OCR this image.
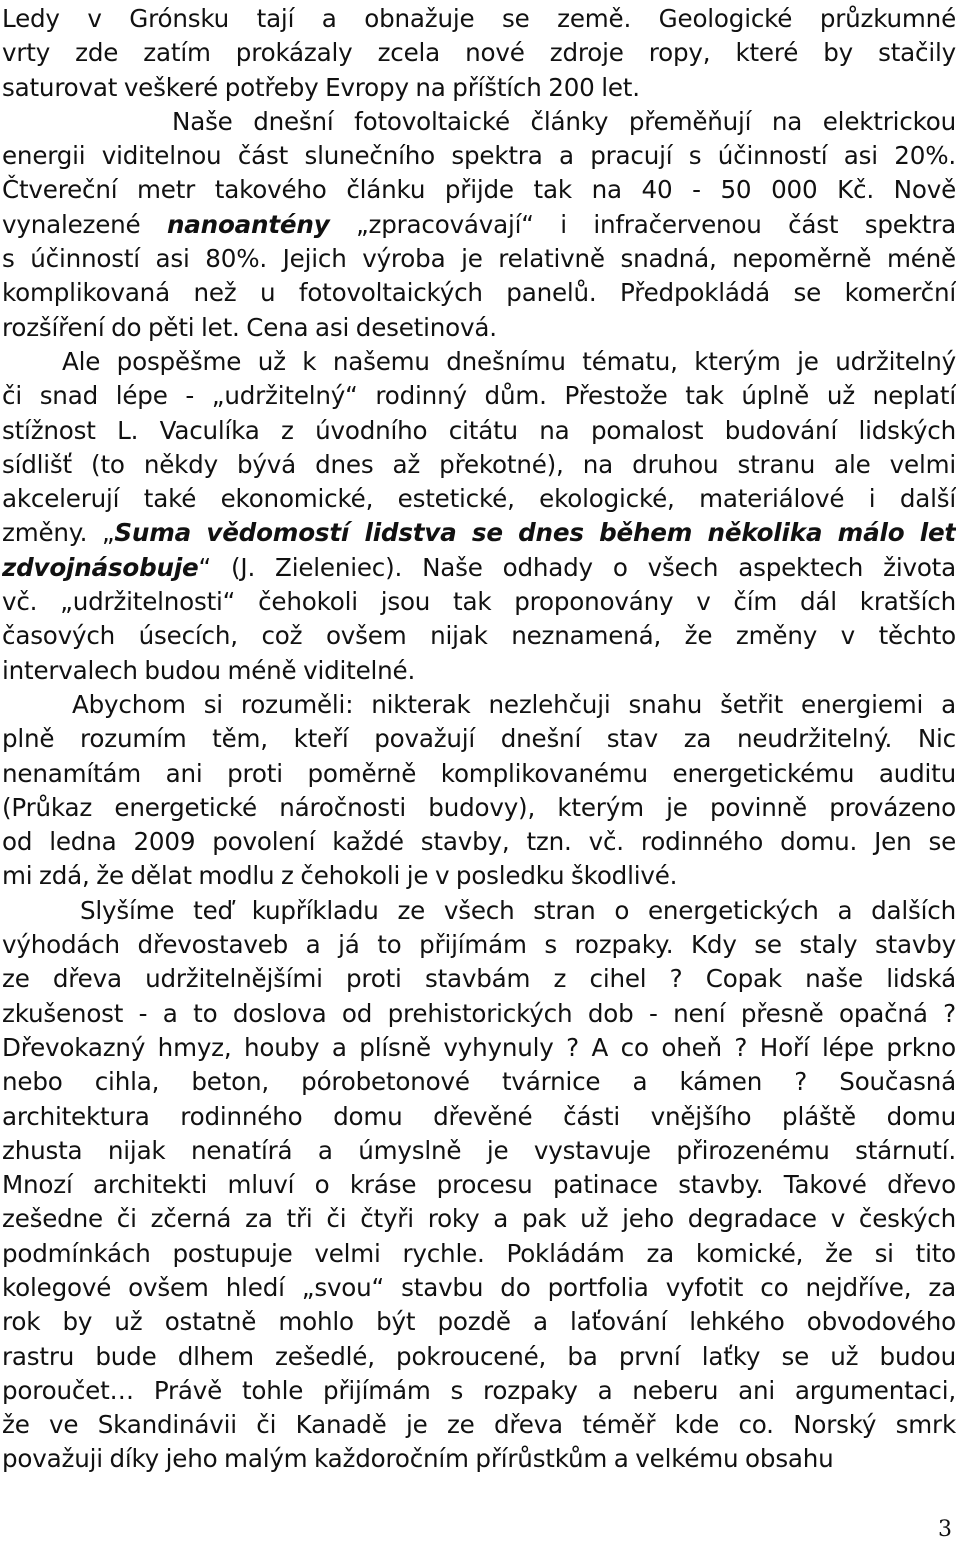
Ledy v Grónsku tají a obnažuje se země. Geologické průzkumné
vrty zde zatím prokázaly zcela nové zdroje ropy, které by stačily
saturovat veškeré potřeby Evropy na příštích 200 let.
Naše dnešní fotovoltaické články přeměňují na elektrickou
energii viditelnou část slunečního spektra a pracují s účinností asi 20%.
Čtvereční metr takového článku přijde tak na 40 - 50 000 Kč. Nově
vynalezené nanoantény „zpracovávají“ i infračervenou část spektra
s účinností asi 80%. Jejich výroba je relativně snadná, nepoměrně méně
komplikovaná než u fotovoltaických panelů. Předpokládá se komerční
rozšíření do pěti let. Cena asi desetinová.
Ale pospěšme už k našemu dnešnímu tématu, kterým je udržitelný
či snad lépe - „udržitelný“ rodinný dům. Přestože tak úplně už neplatí
stížnost L. Vaculíka z úvodního citátu na pomalost budování lidských
sídlišť (to někdy bývá dnes až překotné), na druhou stranu ale velmi
akcelerují také ekonomické, estetické, ekologické, materiálové i další
změny. „Suma vědomostí lidstva se dnes během několika málo let
zdvojnásobuje“ (J. Zieleniec). Naše odhady o všech aspektech života
vč. „udržitelnosti“ čehokoli jsou tak proponovány v čím dál kratších
časových úsecích, což ovšem nijak neznamená, že změny v těchto
intervalech budou méně viditelné.
Abychom si rozuměli: nikterak nezlehčuji snahu šetřit energiemi a
plně rozumím těm, kteří považují dnešní stav za neudržitelný. Nic
nenamítám ani proti poměrně komplikovanému energetickému auditu
(Průkaz energetické náročnosti budovy), kterým je povinně provázeno
od ledna 2009 povolení každé stavby, tzn. vč. rodinného domu. Jen se
mi zdá, že dělat modlu z čehokoli je v posledku škodlivé.
Slyšíme teď kupříkladu ze všech stran o energetických a dalších
výhodách dřevostaveb a já to přijímám s rozpaky. Kdy se staly stavby
ze dřeva udržitelnějšími proti stavbám z cihel ? Copak naše lidská
zkušenost - a to doslova od prehistorických dob - není přesně opačná ?
Dřevokazný hmyz, houby a plísně vyhynuly ? A co oheň ? Hoří lépe prkno
nebo cihla, beton, pórobetonové tvárnice a kámen ? Současná
architektura rodinného domu dřevěné části vnějšího pláště domu
zhusta nijak nenatírá a úmyslně je vystavuje přirozenému stárnutí.
Mnozí architekti mluví o kráse procesu patinace stavby. Takové dřevo
zešedne či zčerná za tři či čtyři roky a pak už jeho degradace v českých
podmínkách postupuje velmi rychle. Pokládám za komické, že si tito
kolegové ovšem hledí „svou“ stavbu do portfolia vyfotit co nejdříve, za
rok by už ostatně mohlo být pozdě a laťování lehkého obvodového
rastru bude dlhem zešedlé, pokroucené, ba první laťky se už budou
poroučet… Právě tohle přijímám s rozpaky a neberu ani argumentaci,
že ve Skandinávii či Kanadě je ze dřeva téměř kde co. Norský smrk
považuji díky jeho malým každoročním přírůstkům a velkému obsahu
3
